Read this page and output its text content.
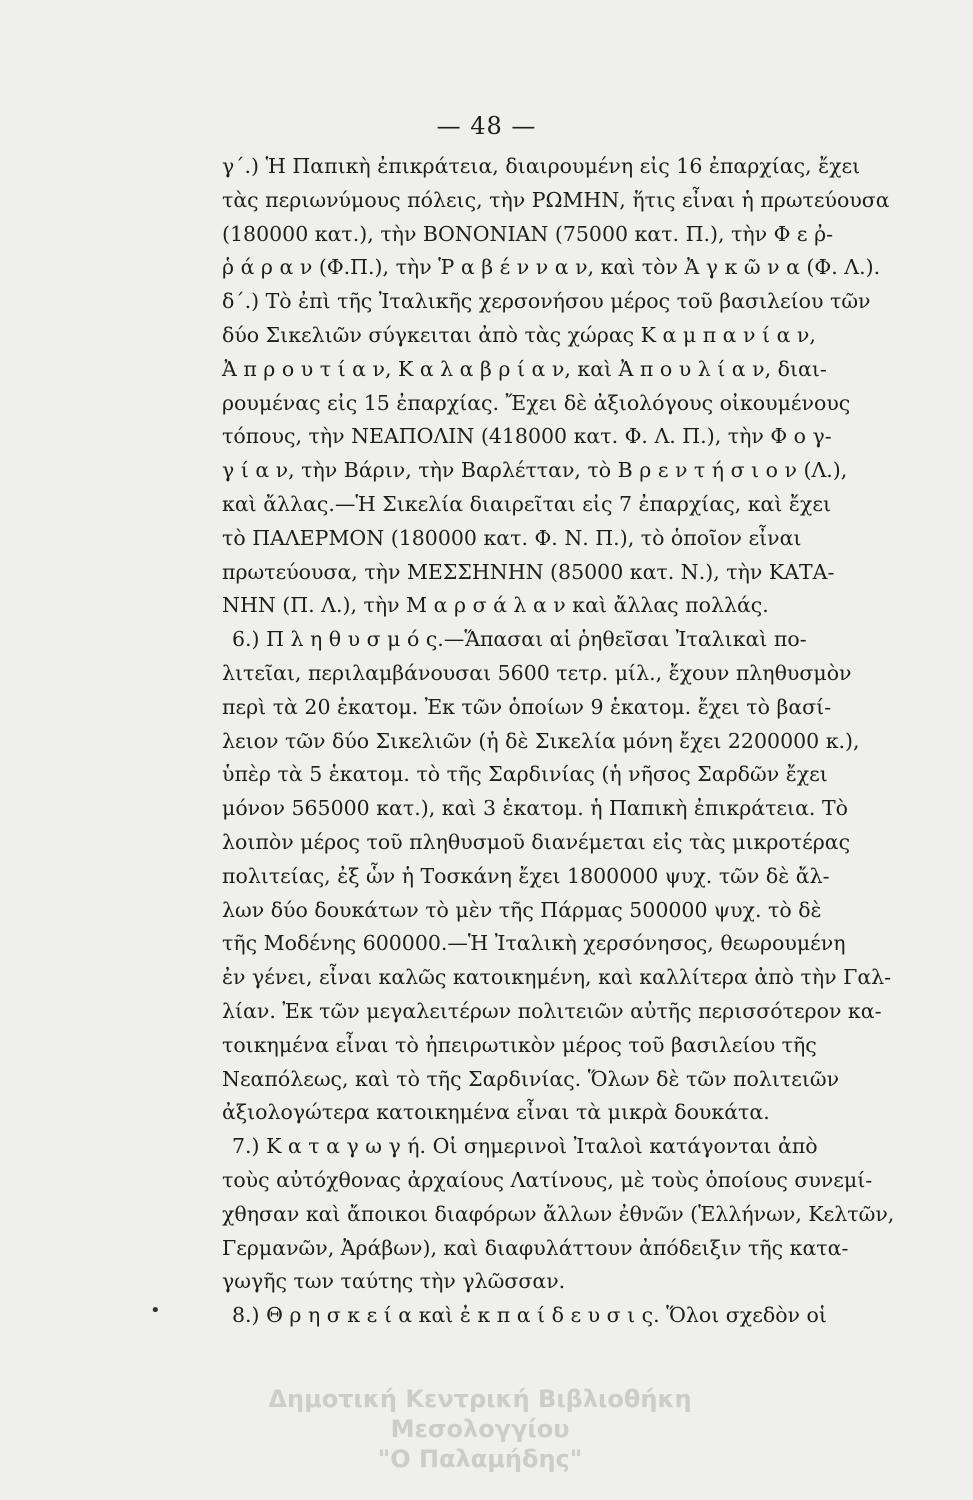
— 48 —
•
γ΄.) Ἡ Παπικὴ ἐπικράτεια, διαιρουμένη εἰς 16 ἐπαρχίας, ἔχει
τὰς περιωνύμους πόλεις, τὴν ΡΩΜΗΝ, ἥτις εἶναι ἡ πρωτεύουσα
(180000 κατ.), τὴν ΒΟΝΟΝΙΑΝ (75000 κατ. Π.), τὴν Φ ε ῤ-
ῥ ά ρ α ν (Φ.Π.), τὴν Ῥ α β έ ν ν α ν, καὶ τὸν Ἀ γ κ ῶ ν α (Φ. Λ.).
δ΄.) Τὸ ἐπὶ τῆς Ἰταλικῆς χερσονήσου μέρος τοῦ βασιλείου τῶν
δύο Σικελιῶν σύγκειται ἀπὸ τὰς χώρας Κ α μ π α ν ί α ν,
Ἀ π ρ ο υ τ ί α ν, Κ α λ α β ρ ί α ν, καὶ Ἀ π ο υ λ ί α ν, διαι-
ρουμένας εἰς 15 ἐπαρχίας. Ἔχει δὲ ἀξιολόγους οἰκουμένους
τόπους, τὴν ΝΕΑΠΟΛΙΝ (418000 κατ. Φ. Λ. Π.), τὴν Φ ο γ-
γ ί α ν, τὴν Βάριν, τὴν Βαρλέτταν, τὸ Β ρ ε ν τ ή σ ι ο ν (Λ.),
καὶ ἄλλας.—Ἡ Σικελία διαιρεῖται εἰς 7 ἐπαρχίας, καὶ ἔχει
τὸ ΠΑΛΕΡΜΟΝ (180000 κατ. Φ. Ν. Π.), τὸ ὁποῖον εἶναι
πρωτεύουσα, τὴν ΜΕΣΣΗΝΗΝ (85000 κατ. Ν.), τὴν ΚΑΤΑ-
ΝΗΝ (Π. Λ.), τὴν Μ α ρ σ ά λ α ν καὶ ἄλλας πολλάς.
6.) Π λ η θ υ σ μ ό ς.—Ἅπασαι αἱ ῥηθεῖσαι Ἰταλικαὶ πο-
λιτεῖαι, περιλαμβάνουσαι 5600 τετρ. μίλ., ἔχουν πληθυσμὸν
περὶ τὰ 20 ἑκατομ. Ἐκ τῶν ὁποίων 9 ἑκατομ. ἔχει τὸ βασί-
λειον τῶν δύο Σικελιῶν (ἡ δὲ Σικελία μόνη ἔχει 2200000 κ.),
ὑπὲρ τὰ 5 ἑκατομ. τὸ τῆς Σαρδινίας (ἡ νῆσος Σαρδῶν ἔχει
μόνον 565000 κατ.), καὶ 3 ἑκατομ. ἡ Παπικὴ ἐπικράτεια. Τὸ
λοιπὸν μέρος τοῦ πληθυσμοῦ διανέμεται εἰς τὰς μικροτέρας
πολιτείας, ἐξ ὧν ἡ Τοσκάνη ἔχει 1800000 ψυχ. τῶν δὲ ἄλ-
λων δύο δουκάτων τὸ μὲν τῆς Πάρμας 500000 ψυχ. τὸ δὲ
τῆς Μοδένης 600000.—Ἡ Ἰταλικὴ χερσόνησος, θεωρουμένη
ἐν γένει, εἶναι καλῶς κατοικημένη, καὶ καλλίτερα ἀπὸ τὴν Γαλ-
λίαν. Ἐκ τῶν μεγαλειτέρων πολιτειῶν αὐτῆς περισσότερον κα-
τοικημένα εἶναι τὸ ἠπειρωτικὸν μέρος τοῦ βασιλείου τῆς
Νεαπόλεως, καὶ τὸ τῆς Σαρδινίας. Ὅλων δὲ τῶν πολιτειῶν
ἀξιολογώτερα κατοικημένα εἶναι τὰ μικρὰ δουκάτα.
7.) Κ α τ α γ ω γ ή. Οἱ σημερινοὶ Ἰταλοὶ κατάγονται ἀπὸ
τοὺς αὐτόχθονας ἀρχαίους Λατίνους, μὲ τοὺς ὁποίους συνεμί-
χθησαν καὶ ἄποικοι διαφόρων ἄλλων ἐθνῶν (Ἑλλήνων, Κελτῶν,
Γερμανῶν, Ἀράβων), καὶ διαφυλάττουν ἀπόδειξιν τῆς κατα-
γωγῆς των ταύτης τὴν γλῶσσαν.
8.) Θ ρ η σ κ ε ί α καὶ ἐ κ π α ί δ ε υ σ ι ς. Ὅλοι σχεδὸν οἱ
Δημοτική Κεντρική Βιβλιοθήκη Μεσολογγίου
"Ο Παλαμήδης"
